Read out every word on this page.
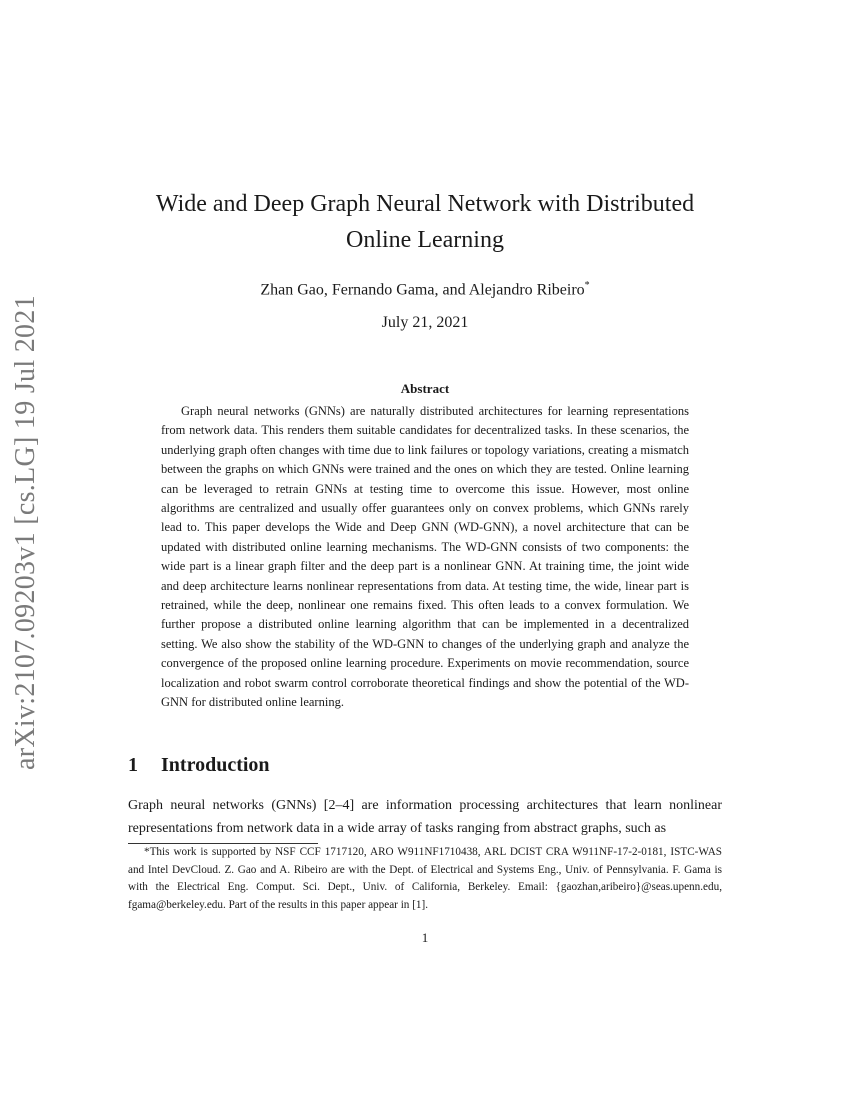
arXiv:2107.09203v1 [cs.LG] 19 Jul 2021
Wide and Deep Graph Neural Network with Distributed
Online Learning
Zhan Gao, Fernando Gama, and Alejandro Ribeiro*
July 21, 2021
Abstract
Graph neural networks (GNNs) are naturally distributed architectures for learning representations from network data. This renders them suitable candidates for decentralized tasks. In these scenarios, the underlying graph often changes with time due to link failures or topology variations, creating a mismatch between the graphs on which GNNs were trained and the ones on which they are tested. Online learning can be leveraged to retrain GNNs at testing time to overcome this issue. However, most online algorithms are centralized and usually offer guarantees only on convex problems, which GNNs rarely lead to. This paper develops the Wide and Deep GNN (WD-GNN), a novel architecture that can be updated with distributed online learning mechanisms. The WD-GNN consists of two components: the wide part is a linear graph filter and the deep part is a nonlinear GNN. At training time, the joint wide and deep architecture learns nonlinear representations from data. At testing time, the wide, linear part is retrained, while the deep, nonlinear one remains fixed. This often leads to a convex formulation. We further propose a distributed online learning algorithm that can be implemented in a decentralized setting. We also show the stability of the WD-GNN to changes of the underlying graph and analyze the convergence of the proposed online learning procedure. Experiments on movie recommendation, source localization and robot swarm control corroborate theoretical findings and show the potential of the WD-GNN for distributed online learning.
1 Introduction
Graph neural networks (GNNs) [2–4] are information processing architectures that learn nonlinear representations from network data in a wide array of tasks ranging from abstract graphs, such as
*This work is supported by NSF CCF 1717120, ARO W911NF1710438, ARL DCIST CRA W911NF-17-2-0181, ISTC-WAS and Intel DevCloud. Z. Gao and A. Ribeiro are with the Dept. of Electrical and Systems Eng., Univ. of Pennsylvania. F. Gama is with the Electrical Eng. Comput. Sci. Dept., Univ. of California, Berkeley. Email: {gaozhan,aribeiro}@seas.upenn.edu, fgama@berkeley.edu. Part of the results in this paper appear in [1].
1
